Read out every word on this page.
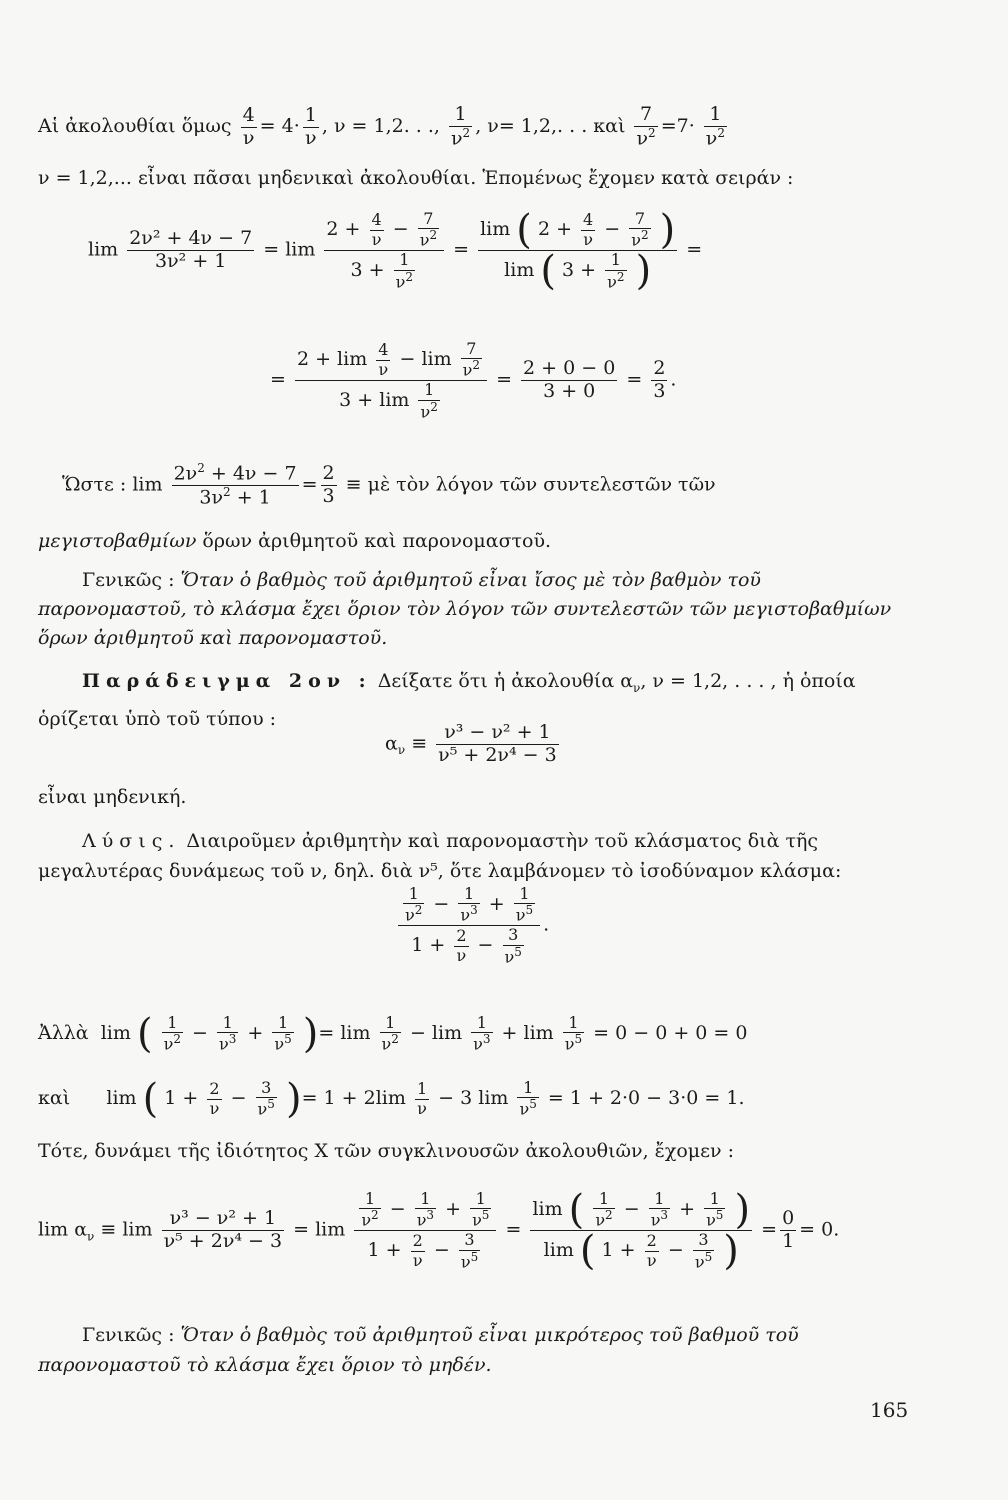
Αἱ ἀκολουθίαι ὅμως $\frac{4}{\nu} = 4\cdot \frac{1}{\nu}$ , ν = 1,2. . ., $\frac{1}{\nu^2}$ , ν= 1,2,. . . καὶ $\frac{7}{\nu^2} =7\cdot \frac{1}{\nu^2}$
ν = 1,2,... εἶναι πᾶσαι μηδενικαὶ ἀκολουθίαι. Ἑπομένως ἔχομεν κατὰ σειράν :
$\lim \frac{\text{2ν² + 4ν − 7}}{\text{3ν² + 1}} = \lim \frac{2 + \frac{4}{\nu} - \frac{7}{\nu^2}}{3 + \frac{1}{\nu^2}} = \frac{\lim ( 2 + \frac{4}{\nu} - \frac{7}{\nu^2} )}{\lim ( 3 + \frac{1}{\nu^2} )}$ =
= $\frac{2 + \lim \frac{4}{\nu} - \lim \frac{7}{\nu^2}}{3 + \lim \frac{1}{\nu^2}} = \frac{2 + 0 - 0}{3 + 0} = \frac{2}{3}$ .
Ὥστε : $\lim \frac{2\nu^2 + 4\nu - 7}{3\nu^2 + 1} = \frac{2}{3}$ ≡ μὲ τὸν λόγον τῶν συντελεστῶν τῶν
μεγιστοβαθμίων ὅρων ἀριθμητοῦ καὶ παρονομαστοῦ.
Γενικῶς : Ὅταν ὁ βαθμὸς τοῦ ἀριθμητοῦ εἶναι ἴσος μὲ τὸν βαθμὸν τοῦ παρονομαστοῦ, τὸ κλάσμα ἔχει ὅριον τὸν λόγον τῶν συντελεστῶν τῶν μεγιστοβαθμίων ὅρων ἀριθμητοῦ καὶ παρονομαστοῦ.
Παράδειγμα 2ον : Δείξατε ὅτι ἡ ἀκολουθία $\alpha_\nu$, ν = 1,2, . . . , ἡ ὁποία ὁρίζεται ὑπὸ τοῦ τύπου :
$\alpha_\nu \equiv \frac{\text{ν³ − ν² + 1}}{\text{ν⁵ + 2ν⁴ − 3}}$
εἶναι μηδενική.
Λύσις. Διαιροῦμεν ἀριθμητὴν καὶ παρονομαστὴν τοῦ κλάσματος διὰ τῆς μεγαλυτέρας δυνάμεως τοῦ ν, δηλ. διὰ ν⁵, ὅτε λαμβάνομεν τὸ ἰσοδύναμον κλάσμα:
$\frac{\frac{1}{\nu^2} - \frac{1}{\nu^3} + \frac{1}{\nu^5}}{1 + \frac{2}{\nu} - \frac{3}{\nu^5}}$ .
Ἀλλὰ  lim ( $\frac{1}{\nu^2} - \frac{1}{\nu^3} + \frac{1}{\nu^5}$ )= $\lim \frac{1}{\nu^2} - \lim \frac{1}{\nu^3} + \lim \frac{1}{\nu^5} = 0 - 0 + 0 = 0$
καὶ      lim ( $1 + \frac{2}{\nu} - \frac{3}{\nu^5}$ )= $1 + 2\lim \frac{1}{\nu} - 3$ $\lim \frac{1}{\nu^5} = 1 + 2\cdot 0 - 3\cdot 0 = 1$.
Τότε, δυνάμει τῆς ἰδιότητος X τῶν συγκλινουσῶν ἀκολουθιῶν, ἔχομεν :
$\lim \alpha_\nu \equiv \lim \frac{\text{ν³ − ν² + 1}}{\text{ν⁵ + 2ν⁴ − 3}} = \lim \frac{\frac{1}{\nu^2} - \frac{1}{\nu^3} + \frac{1}{\nu^5}}{1 + \frac{2}{\nu} - \frac{3}{\nu^5}} = \frac{\lim ( \frac{1}{\nu^2} - \frac{1}{\nu^3} + \frac{1}{\nu^5} )}{\lim ( 1 + \frac{2}{\nu} - \frac{3}{\nu^5} )} = \frac{0}{1} = 0$.
Γενικῶς : Ὅταν ὁ βαθμὸς τοῦ ἀριθμητοῦ εἶναι μικρότερος τοῦ βαθμοῦ τοῦ παρονομαστοῦ τὸ κλάσμα ἔχει ὅριον τὸ μηδέν.
165
